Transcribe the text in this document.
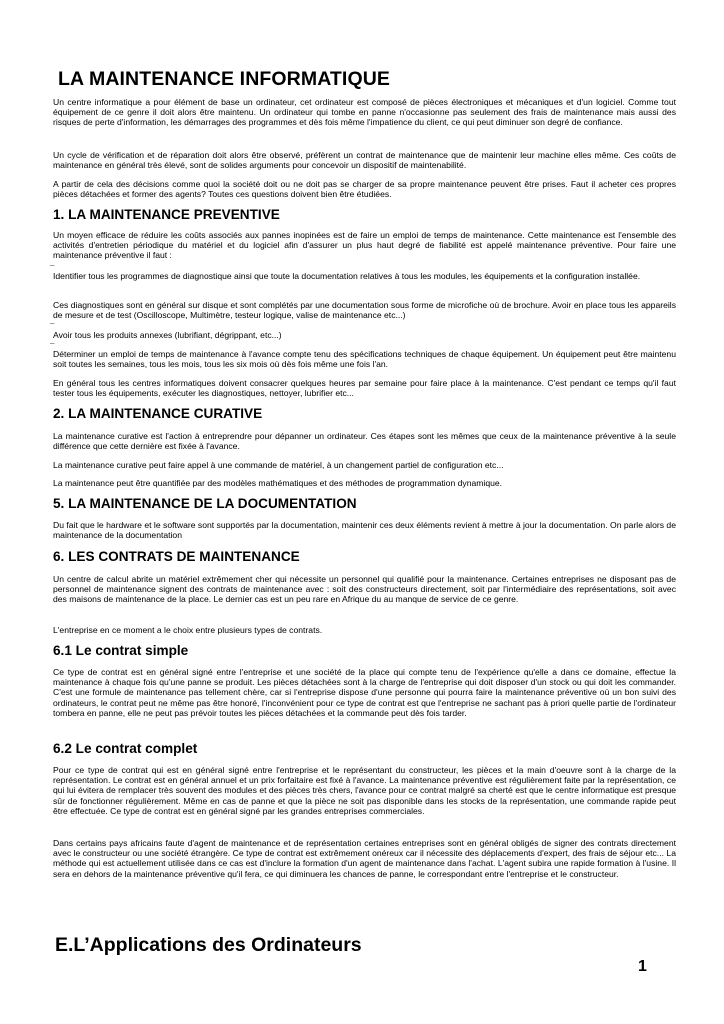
LA MAINTENANCE INFORMATIQUE

Un centre informatique a pour élément de base un ordinateur, cet ordinateur est composé de pièces électroniques et mécaniques et d'un logiciel. Comme tout équipement de ce genre il doit alors être maintenu. Un ordinateur qui tombe en panne n'occasionne pas seulement des frais de maintenance mais aussi des risques de perte d'information, les démarrages des programmes et dès fois même l'impatience du client, ce qui peut diminuer son degré de confiance.

Un cycle de vérification et de réparation doit alors être observé, préfèrent un contrat de maintenance que de maintenir leur machine elles même. Ces coûts de maintenance en général très élevé, sont de solides arguments pour concevoir un dispositif de maintenabilité.

A partir de cela des décisions comme quoi la société doit ou ne doit pas se charger de sa propre maintenance peuvent être prises. Faut il acheter ces propres pièces détachées et former des agents? Toutes ces questions doivent bien être étudiées.

1. LA MAINTENANCE PREVENTIVE

Un moyen efficace de réduire les coûts associés aux pannes inopinées est de faire un emploi de temps de maintenance. Cette maintenance est l'ensemble des activités d'entretien périodique du matériel et du logiciel afin d'assurer un plus haut degré de fiabilité est appelé maintenance préventive. Pour faire une maintenance préventive il faut :

¯

Identifier tous les programmes de diagnostique ainsi que toute la documentation relatives à tous les modules, les équipements et la configuration installée.

Ces diagnostiques sont en général sur disque et sont complétés par une documentation sous forme de microfiche où de brochure. Avoir en place tous les appareils de mesure et de test (Oscilloscope, Multimètre, testeur logique, valise de maintenance etc...)

¯

Avoir tous les produits annexes (lubrifiant, dégrippant, etc...)

¯

Déterminer un emploi de temps de maintenance à l'avance compte tenu des spécifications techniques de chaque équipement. Un équipement peut être maintenu soit toutes les semaines, tous les mois, tous les six mois où dès fois même une fois l'an.

En général tous les centres informatiques doivent consacrer quelques heures par semaine pour faire place à la maintenance. C'est pendant ce temps qu'il faut tester tous les équipements, exécuter les diagnostiques, nettoyer, lubrifier etc...

2. LA MAINTENANCE CURATIVE

La maintenance curative est l'action à entreprendre pour dépanner un ordinateur. Ces étapes sont les mêmes que ceux de la maintenance préventive à la seule différence que cette dernière est fixée à l'avance.

La maintenance curative peut faire appel à une commande de matériel, à un changement partiel de configuration etc...

La maintenance peut être quantifiée par des modèles mathématiques et des méthodes de programmation dynamique.

5. LA MAINTENANCE DE LA DOCUMENTATION

Du fait que le hardware et le software sont supportés par la documentation, maintenir ces deux éléments revient à mettre à jour la documentation. On parle alors de maintenance de la documentation

6. LES CONTRATS DE MAINTENANCE

Un centre de calcul abrite un matériel extrêmement cher qui nécessite un personnel qui qualifié pour la maintenance. Certaines entreprises ne disposant pas de personnel de maintenance signent des contrats de maintenance avec : soit des constructeurs directement, soit par l'intermédiaire des représentations, soit avec des maisons de maintenance de la place. Le dernier cas est un peu rare en Afrique du au manque de service de ce genre.

L'entreprise en ce moment a le choix entre plusieurs types de contrats.

6.1 Le contrat simple

Ce type de contrat est en général signé entre l'entreprise et une société de la place qui compte tenu de l'expérience qu'elle a dans ce domaine, effectue la maintenance à chaque fois qu'une panne se produit. Les pièces détachées sont à la charge de l'entreprise qui doit disposer d'un stock ou qui doit les commander. C'est une formule de maintenance pas tellement chère, car si l'entreprise dispose d'une personne qui pourra faire la maintenance préventive où un bon suivi des ordinateurs, le contrat peut ne même pas être honoré, l'inconvénient pour ce type de contrat est que l'entreprise ne sachant pas à priori quelle partie de l'ordinateur tombera en panne, elle ne peut pas prévoir toutes les pièces détachées et la commande peut dès fois tarder.

6.2 Le contrat complet

Pour ce type de contrat qui est en général signé entre l'entreprise et le représentant du constructeur, les pièces et la main d'oeuvre sont à la charge de la représentation. Le contrat est en général annuel et un prix forfaitaire est fixé à l'avance. La maintenance préventive est régulièrement faite par la représentation, ce qui lui évitera de remplacer très souvent des modules et des pièces très chers, l'avance pour ce contrat malgré sa cherté est que le centre informatique est presque sûr de fonctionner régulièrement. Même en cas de panne et que la pièce ne soit pas disponible dans les stocks de la représentation, une commande rapide peut être effectuée. Ce type de contrat est en général signé par les grandes entreprises commerciales.

Dans certains pays africains faute d'agent de maintenance et de représentation certaines entreprises sont en général obligés de signer des contrats directement avec le constructeur ou une société étrangère. Ce type de contrat est extrêmement onéreux car il nécessite des déplacements d'expert, des frais de séjour etc... La méthode qui est actuellement utilisée dans ce cas est d'inclure la formation d'un agent de maintenance dans l'achat. L'agent subira une rapide formation à l'usine. Il sera en dehors de la maintenance préventive qu'il fera, ce qui diminuera les chances de panne, le correspondant entre l'entreprise et le constructeur.

E.L’Applications des Ordinateurs
1
